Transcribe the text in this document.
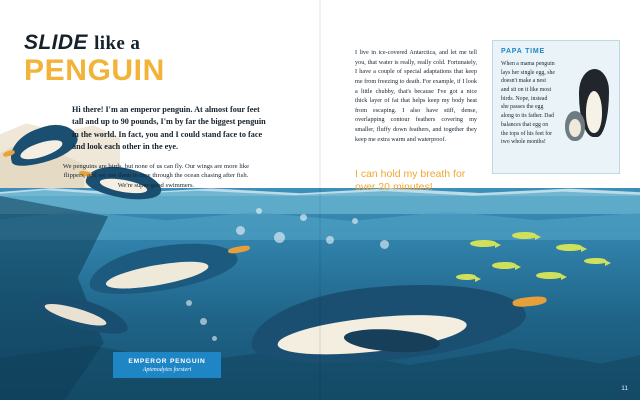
SLIDE like a
PENGUIN

Hi there! I'm an emperor penguin. At almost four feet tall and up to 90 pounds, I'm by far the biggest penguin in the world. In fact, you and I could stand face to face and look each other in the eye.

We penguins are birds, but none of us can fly. Our wings are more like flippers, and we use them to race through the ocean chasing after fish. We're super-good swimmers.

I live in ice-covered Antarctica, and let me tell you, that water is really, really cold. Fortunately, I have a couple of special adaptations that keep me from freezing to death. For example, if I look a little chubby, that's because I've got a nice thick layer of fat that helps keep my body heat from escaping. I also have stiff, dense, overlapping contour feathers covering my smaller, fluffy down feathers, and together they keep me extra warm and waterproof.

I can hold my breath for over 20 minutes!
PAPA TIME
When a mama penguin lays her single egg, she doesn't make a nest and sit on it like most birds. Nope, instead she passes the egg along to its father. Dad balances that egg on the tops of his feet for two whole months!
EMPEROR PENGUIN
Aptenodytes forsteri
11
